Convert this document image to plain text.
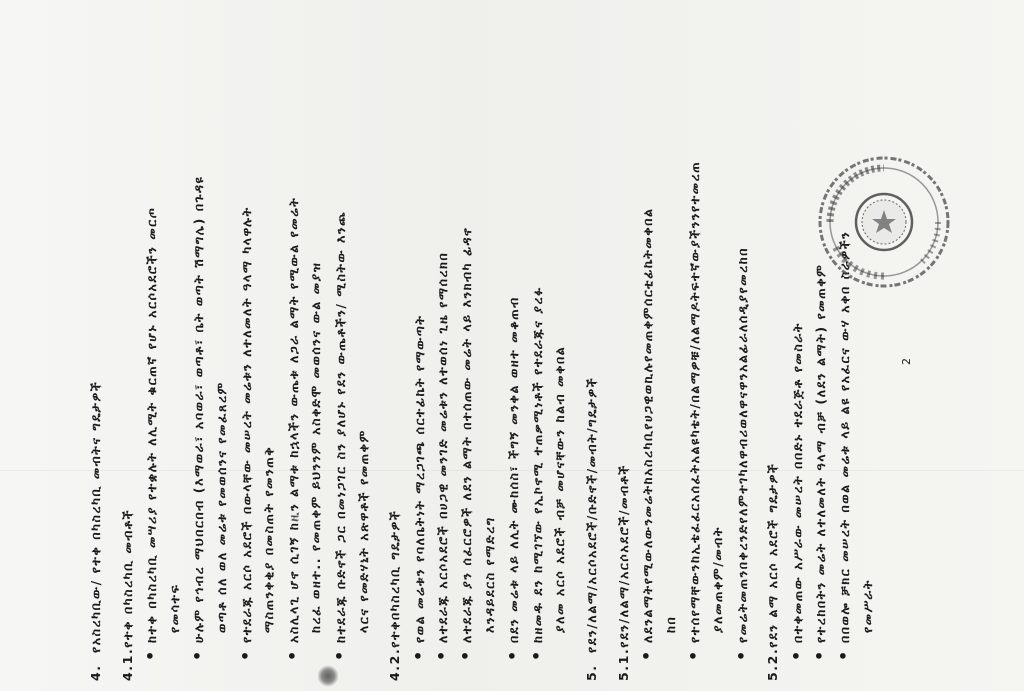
4.የአስረካቢው/ የተቀ በካስረካቢ መብትና ግዴታዎች
4.1.የተቀ በካስረካቢ መብቶች
•ከተቀ በካስረካቢ መሣሪያ የተቋሉት ለሊሚት ቁርጠኛ የሆኑ አርሶአደሮችን መርጦ የመሳተፍ
•ሁሉም የኅብረ ማህበርበብ (እማወራ፣ አባወራ፣ ወጣቶ፣ ቤት ወጣት ሽማግሌ) በጉዳዩ ወጣቶ ሰለ ወለ መሬቱ የመወሰንና የመፈጸረም
•የተደራጁ አርሶ አደሮች በውላቸው መሠረት መሬቱን ለተለመለት ዓላማ ካላዋሉት ማስጠንቀቂያ በመስጠት የመንጠቅ
•አስሊላጊ ሆኖ ሲገኝ ከዚን ልማቱ ከኋላችን ውጤቱ ለጋራ ልማት የሚውል የመሬት ከረፈ ወዘተ.. የመጠቀም ይህንንም አስቀድሞ መወሰንና ውል መያዝ
•ከተደራጁ ቡድኖች ጋር በመነጋገር ስን ያለሆኑ የደን ውጤቶችን/ ሚስትው እንጨ ላርና የመድሃኒት አጽዋቶች የመጠቀም
4.2.የተቀበካስረካቢ ግዴታዎች
•የወል መሬቱን የባለቤትነት ማረጋገጫ ሰርተፊኬት የማውጣት
•ለተደራጁ አርሶአደሮች በሀጋዊ መንገድ መሬቱን ለተወሰነ ጊዜ የማሰረክበ
•ለተደራጁ ያን ሰፈርሮዎች ለደን ልማት በተሰጠው መሬት ላይ እንክብካ ፊዳኖ እንዳይደርስ የማድረግ
•በደን መሬቱ ላይ ለሊት ሙከሰስ፣ ችግኝ መንቀል ወዘተ መቆጠብ
•ከዘመዱ ደን ከሚገኘው የኢኮኖሚ ተጠቃሚነቶች የተደራጁና ያረፉ ያለመ አርሶ አደሮች ብቻ መሆናቸውን ከልብ መቀበል
5.የደን/ለልማ/አርሶአደሮች/ቡድኖች/መብት/ግዴታዎች
5.1.የደን/ለልማ/አርሶአደሮች/መብቶች
•ለደንልማትየሚውለውንመሬትከአስረካቢየሀጋዊወኪሉየመጠቀምሰርቲፊኬትመቀበል ከበ
•የተሰየማቸውንከኢቴፈፈርአሰፈትአልዩካቴት/በልማዎቹ/ለልማዶትፍተኛውያችንንየተመረጠ ያለመጠቀም/መብት
•የመሬትመጠንበቀረንድየለምተገካለዋብሪወለዋናዋንአልፊራለሰዲያየመረከበ
5.2.የደን ልማ አርሶ አደሮች ግዴታዎች
•በተቀመጠው አሥራው መሠረት በበድኑ ተደራጅቶ የመስራት
•የተረከበትን መሬት ለተለመለት ዓላማ ብቻ (ለደን ልማት) የመጠቀም
•በበወሎ ቻክር መሠረት በወል መሬቱ ላይ ልዩ የአፈርና ውሃ አቀበ ስራዎችን የመሥራት
2
